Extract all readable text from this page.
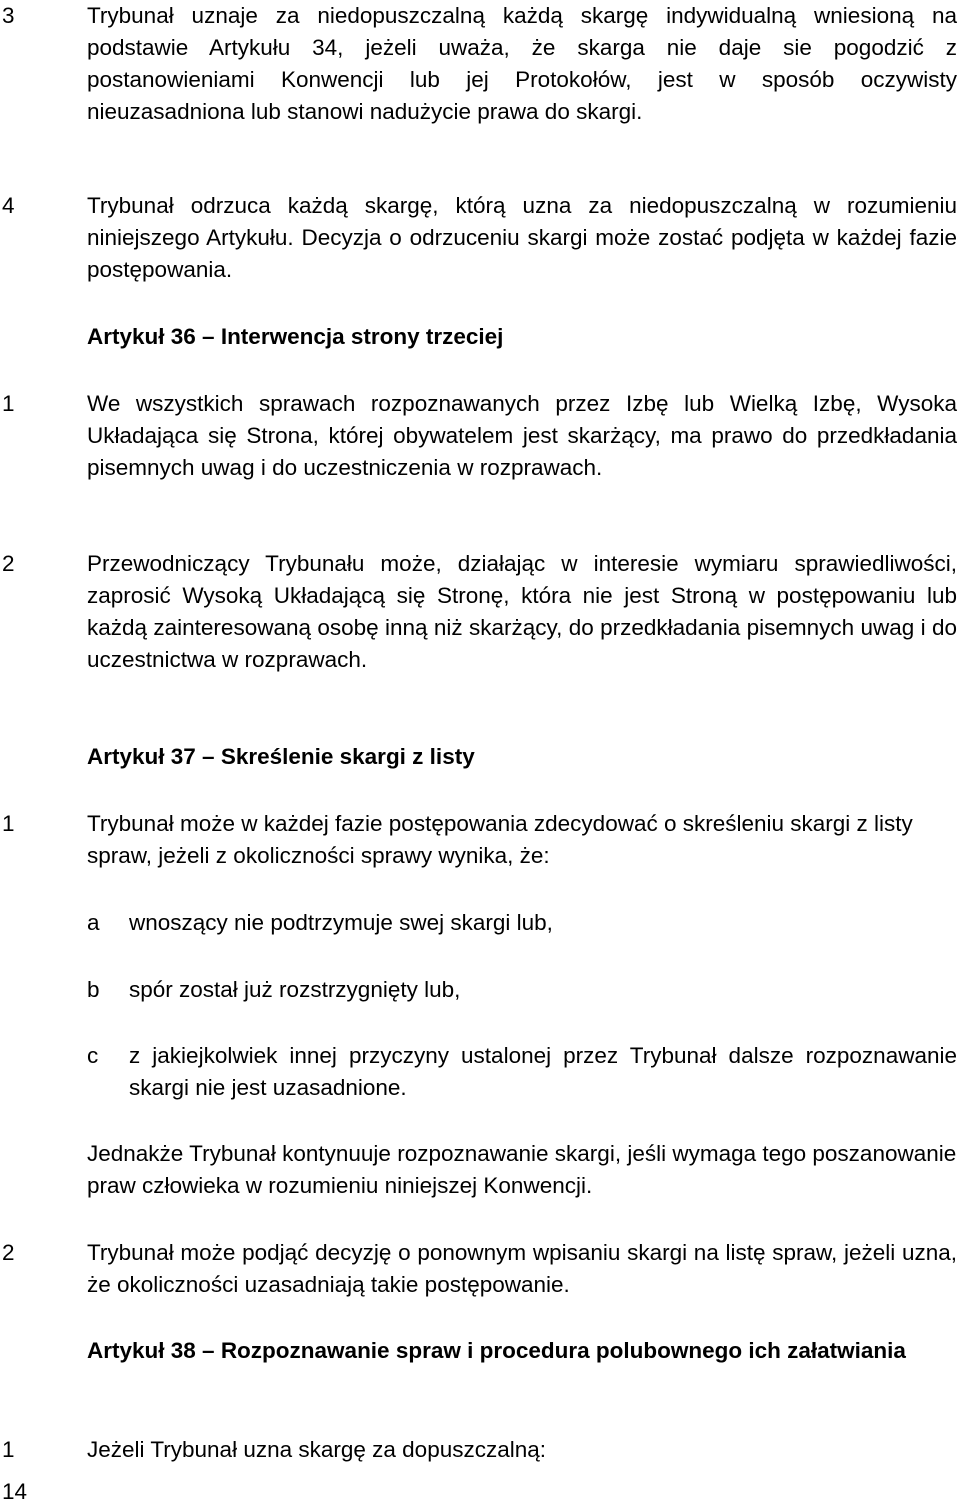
3	Trybunał uznaje za niedopuszczalną każdą skargę indywidualną wniesioną na podstawie Artykułu 34, jeżeli uważa, że skarga nie daje sie pogodzić z postanowieniami Konwencji lub jej Protokołów, jest w sposób oczywisty nieuzasadniona lub stanowi nadużycie prawa do skargi.
4	Trybunał odrzuca każdą skargę, którą uzna za niedopuszczalną w rozumieniu niniejszego Artykułu. Decyzja o odrzuceniu skargi może zostać podjęta w każdej fazie postępowania.
Artykuł 36 – Interwencja strony trzeciej
1	We wszystkich sprawach rozpoznawanych przez Izbę lub Wielką Izbę, Wysoka Układająca się Strona, której obywatelem jest skarżący, ma prawo do przedkładania pisemnych uwag i do uczestniczenia w rozprawach.
2	Przewodniczący Trybunału może, działając w interesie wymiaru sprawiedliwości, zaprosić Wysoką Układającą się Stronę, która nie jest Stroną w postępowaniu lub każdą zainteresowaną osobę inną niż skarżący, do przedkładania pisemnych uwag i do uczestnictwa w rozprawach.
Artykuł 37 – Skreślenie skargi z listy
1	Trybunał może w każdej fazie postępowania zdecydować o skreśleniu skargi z listy spraw, jeżeli z okoliczności sprawy wynika, że:
a wnoszący nie podtrzymuje swej skargi lub,
b spór został już rozstrzygnięty lub,
c z jakiejkolwiek innej przyczyny ustalonej przez Trybunał dalsze rozpoznawanie skargi nie jest uzasadnione.
Jednakże Trybunał kontynuuje rozpoznawanie skargi, jeśli wymaga tego poszanowanie praw człowieka w rozumieniu niniejszej Konwencji.
2	Trybunał może podjąć decyzję o ponownym wpisaniu skargi na listę spraw, jeżeli uzna, że okoliczności uzasadniają takie postępowanie.
Artykuł 38 – Rozpoznawanie spraw i procedura polubownego ich załatwiania
1	Jeżeli Trybunał uzna skargę za dopuszczalną:
14
